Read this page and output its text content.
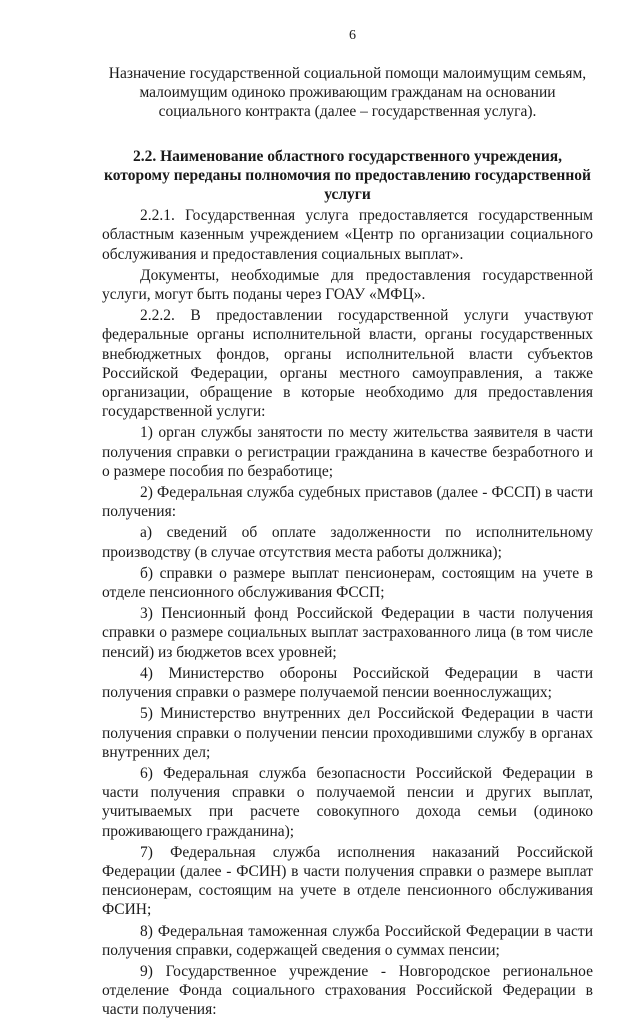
6

Назначение государственной социальной помощи малоимущим семьям, малоимущим одиноко проживающим гражданам на основании социального контракта (далее – государственная услуга).

2.2. Наименование областного государственного учреждения, которому переданы полномочия по предоставлению государственной услуги

2.2.1. Государственная услуга предоставляется государственным областным казенным учреждением «Центр по организации социального обслуживания и предоставления социальных выплат».

Документы, необходимые для предоставления государственной услуги, могут быть поданы через ГОАУ «МФЦ».

2.2.2. В предоставлении государственной услуги участвуют федеральные органы исполнительной власти, органы государственных внебюджетных фондов, органы исполнительной власти субъектов Российской Федерации, органы местного самоуправления, а также организации, обращение в которые необходимо для предоставления государственной услуги:

1) орган службы занятости по месту жительства заявителя в части получения справки о регистрации гражданина в качестве безработного и о размере пособия по безработице;

2) Федеральная служба судебных приставов (далее - ФССП) в части получения:

а) сведений об оплате задолженности по исполнительному производству (в случае отсутствия места работы должника);

б) справки о размере выплат пенсионерам, состоящим на учете в отделе пенсионного обслуживания ФССП;

3) Пенсионный фонд Российской Федерации в части получения справки о размере социальных выплат застрахованного лица (в том числе пенсий) из бюджетов всех уровней;

4) Министерство обороны Российской Федерации в части получения справки о размере получаемой пенсии военнослужащих;

5) Министерство внутренних дел Российской Федерации в части получения справки о получении пенсии проходившими службу в органах внутренних дел;

6) Федеральная служба безопасности Российской Федерации в части получения справки о получаемой пенсии и других выплат, учитываемых при расчете совокупного дохода семьи (одиноко проживающего гражданина);

7) Федеральная служба исполнения наказаний Российской Федерации (далее - ФСИН) в части получения справки о размере выплат пенсионерам, состоящим на учете в отделе пенсионного обслуживания ФСИН;

8) Федеральная таможенная служба Российской Федерации в части получения справки, содержащей сведения о суммах пенсии;

9) Государственное учреждение - Новгородское региональное отделение Фонда социального страхования Российской Федерации в части получения:
